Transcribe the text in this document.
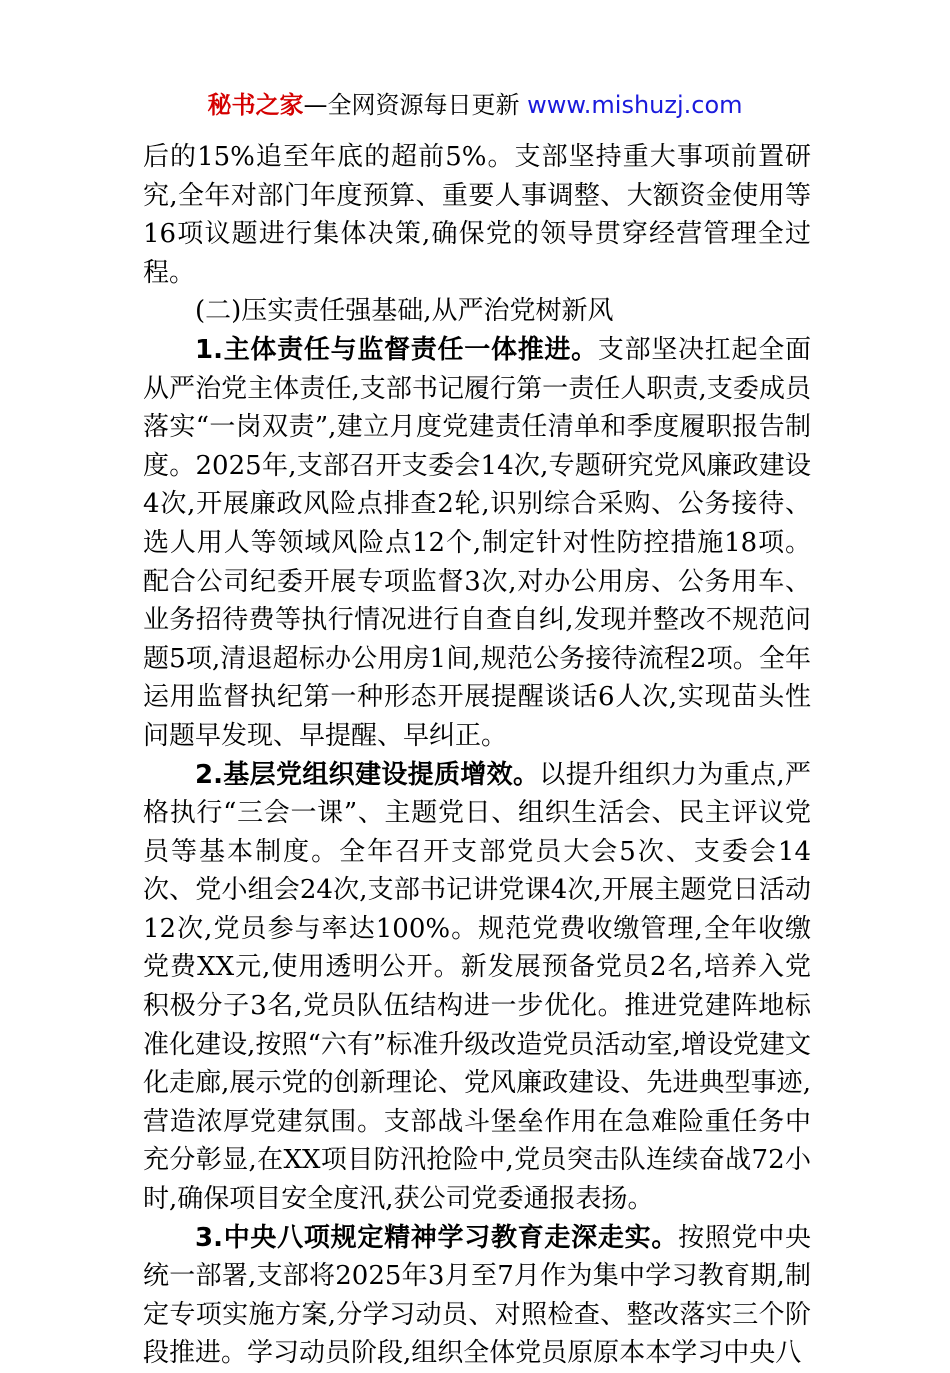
秘书之家—全网资源每日更新 www.mishuzj.com

后的15%追至年底的超前5%。支部坚持重大事项前置研究,全年对部门年度预算、重要人事调整、大额资金使用等16项议题进行集体决策,确保党的领导贯穿经营管理全过程。

(二)压实责任强基础,从严治党树新风

1.主体责任与监督责任一体推进。支部坚决扛起全面从严治党主体责任,支部书记履行第一责任人职责,支委成员落实“一岗双责”,建立月度党建责任清单和季度履职报告制度。2025年,支部召开支委会14次,专题研究党风廉政建设4次,开展廉政风险点排查2轮,识别综合采购、公务接待、选人用人等领域风险点12个,制定针对性防控措施18项。配合公司纪委开展专项监督3次,对办公用房、公务用车、业务招待费等执行情况进行自查自纠,发现并整改不规范问题5项,清退超标办公用房1间,规范公务接待流程2项。全年运用监督执纪第一种形态开展提醒谈话6人次,实现苗头性问题早发现、早提醒、早纠正。

2.基层党组织建设提质增效。以提升组织力为重点,严格执行“三会一课”、主题党日、组织生活会、民主评议党员等基本制度。全年召开支部党员大会5次、支委会14次、党小组会24次,支部书记讲党课4次,开展主题党日活动12次,党员参与率达100%。规范党费收缴管理,全年收缴党费XX元,使用透明公开。新发展预备党员2名,培养入党积极分子3名,党员队伍结构进一步优化。推进党建阵地标准化建设,按照“六有”标准升级改造党员活动室,增设党建文化走廊,展示党的创新理论、党风廉政建设、先进典型事迹,营造浓厚党建氛围。支部战斗堡垒作用在急难险重任务中充分彰显,在XX项目防汛抢险中,党员突击队连续奋战72小时,确保项目安全度汛,获公司党委通报表扬。

3.中央八项规定精神学习教育走深走实。按照党中央统一部署,支部将2025年3月至7月作为集中学习教育期,制定专项实施方案,分学习动员、对照检查、整改落实三个阶段推进。学习动员阶段,组织全体党员原原本本学习中央八
